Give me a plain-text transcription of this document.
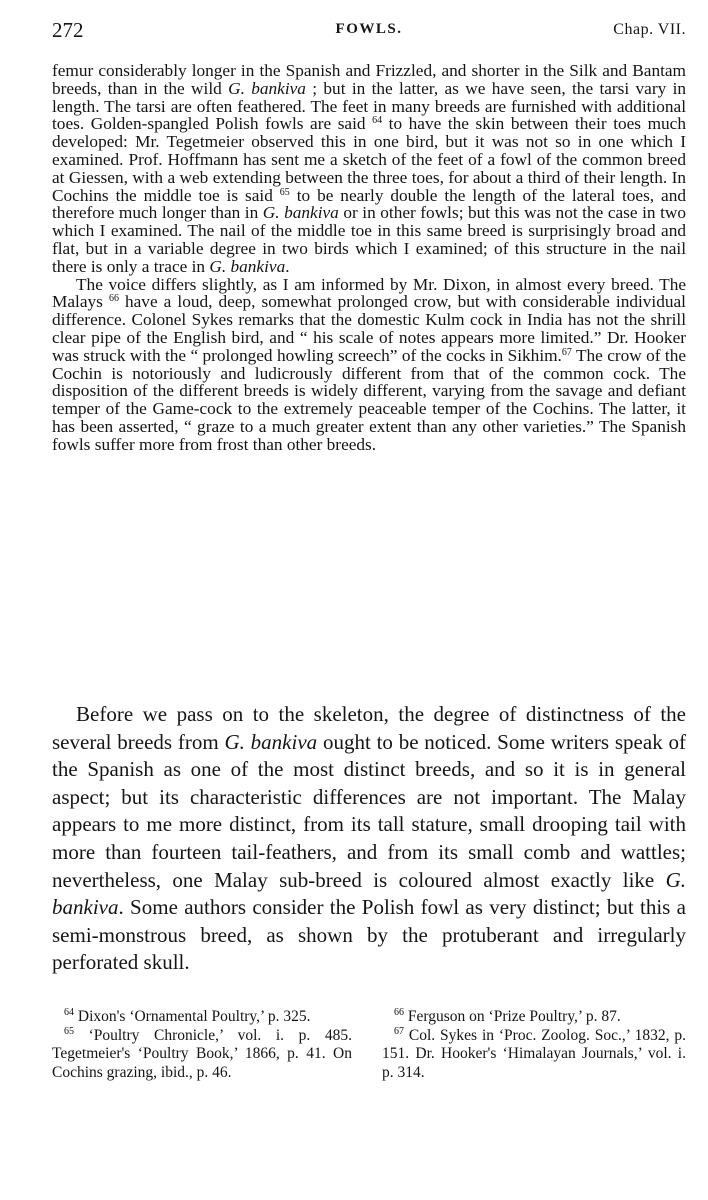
272	FOWLS.	Chap. VII.

femur considerably longer in the Spanish and Frizzled, and shorter in the Silk and Bantam breeds, than in the wild G. bankiva ; but in the latter, as we have seen, the tarsi vary in length. The tarsi are often feathered. The feet in many breeds are furnished with additional toes. Golden-spangled Polish fowls are said $^{64}$ to have the skin between their toes much developed: Mr. Tegetmeier observed this in one bird, but it was not so in one which I examined. Prof. Hoffmann has sent me a sketch of the feet of a fowl of the common breed at Giessen, with a web extending between the three toes, for about a third of their length. In Cochins the middle toe is said $^{65}$ to be nearly double the length of the lateral toes, and therefore much longer than in G. bankiva or in other fowls; but this was not the case in two which I examined. The nail of the middle toe in this same breed is surprisingly broad and flat, but in a variable degree in two birds which I examined; of this structure in the nail there is only a trace in G. bankiva.

The voice differs slightly, as I am informed by Mr. Dixon, in almost every breed. The Malays $^{66}$ have a loud, deep, somewhat prolonged crow, but with considerable individual difference. Colonel Sykes remarks that the domestic Kulm cock in India has not the shrill clear pipe of the English bird, and “ his scale of notes appears more limited.” Dr. Hooker was struck with the “ prolonged howling screech” of the cocks in Sikhim.$^{67}$ The crow of the Cochin is notoriously and ludicrously different from that of the common cock. The disposition of the different breeds is widely different, varying from the savage and defiant temper of the Game-cock to the extremely peaceable temper of the Cochins. The latter, it has been asserted, “ graze to a much greater extent than any other varieties.” The Spanish fowls suffer more from frost than other breeds.

Before we pass on to the skeleton, the degree of distinctness of the several breeds from G. bankiva ought to be noticed. Some writers speak of the Spanish as one of the most distinct breeds, and so it is in general aspect; but its characteristic differences are not important. The Malay appears to me more distinct, from its tall stature, small drooping tail with more than fourteen tail-feathers, and from its small comb and wattles; nevertheless, one Malay sub-breed is coloured almost exactly like G. bankiva. Some authors consider the Polish fowl as very distinct; but this a semi-monstrous breed, as shown by the protuberant and irregularly perforated skull.

$^{64}$ Dixon's ‘Ornamental Poultry,’ p. 325.
$^{65}$ ‘Poultry Chronicle,’ vol. i. p. 485. Tegetmeier's ‘Poultry Book,’ 1866, p. 41. On Cochins grazing, ibid., p. 46.
$^{66}$ Ferguson on ‘Prize Poultry,’ p. 87.
$^{67}$ Col. Sykes in ‘Proc. Zoolog. Soc.,’ 1832, p. 151. Dr. Hooker's ‘Himalayan Journals,’ vol. i. p. 314.
